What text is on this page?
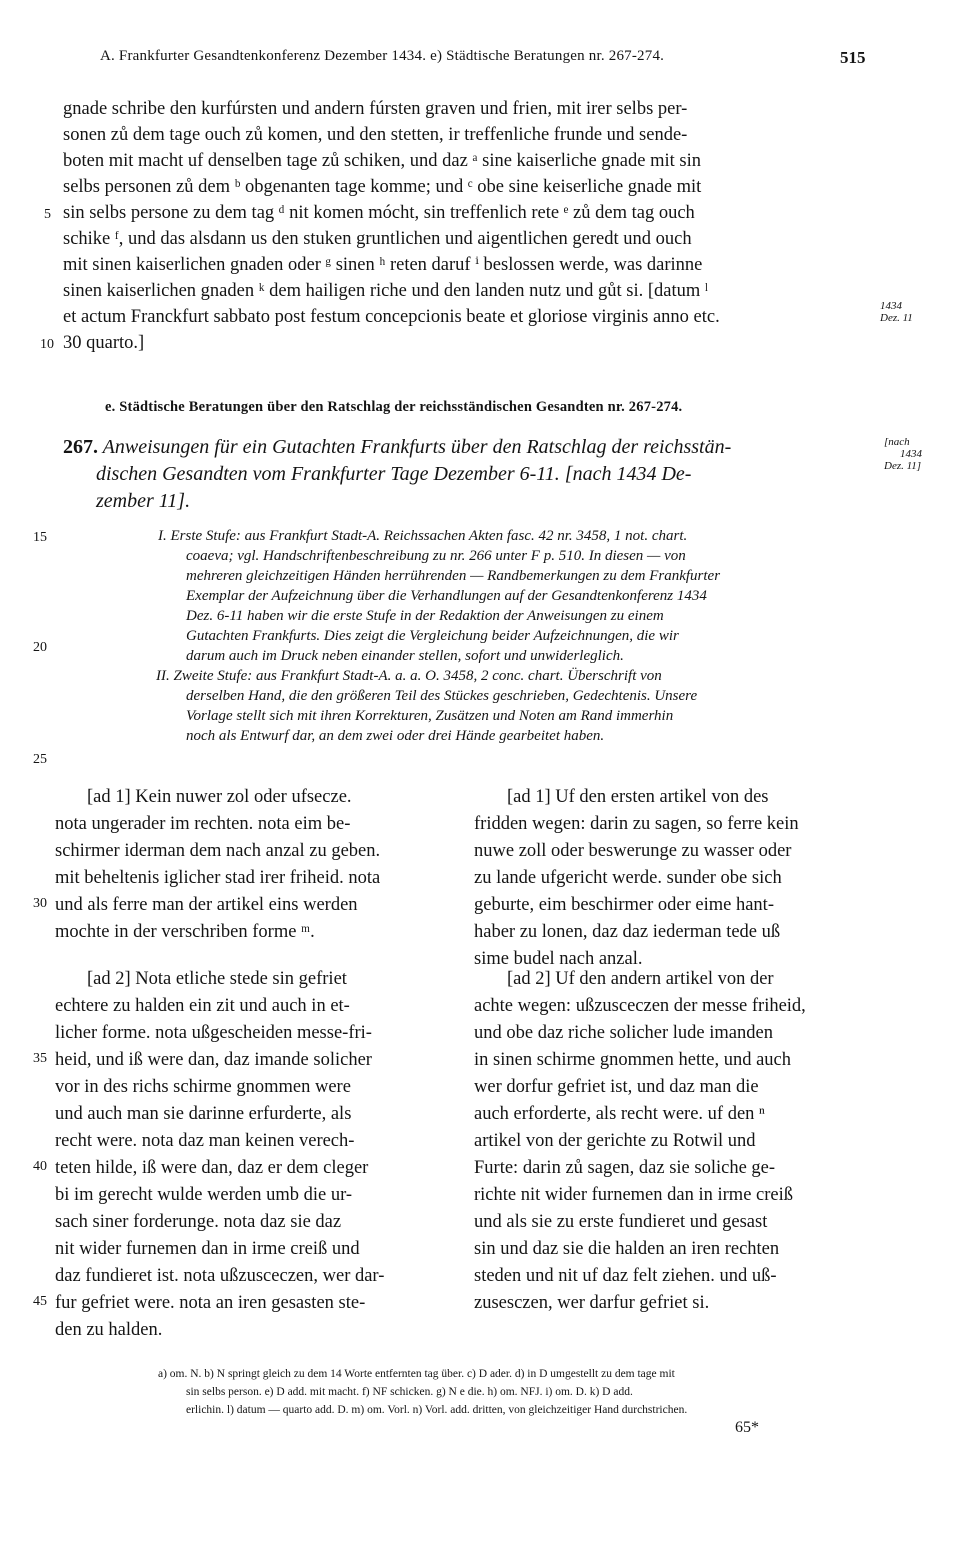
A. Frankfurter Gesandtenkonferenz Dezember 1434. e) Städtische Beratungen nr. 267-274.	515
gnade schribe den kurfúrsten und andern fúrsten graven und frien, mit irer selbs per-
sonen zů dem tage ouch zů komen, und den stetten, ir treffenliche frunde und sende-
boten mit macht uf denselben tage zů schiken, und daz ᵃ sine kaiserliche gnade mit sin
selbs personen zů dem ᵇ obgenanten tage komme; und ᶜ obe sine keiserliche gnade mit
sin selbs persone zu dem tag ᵈ nit komen mócht, sin treffenlich rete ᵉ zů dem tag ouch
schike ᶠ, und das alsdann us den stuken gruntlichen und aigentlichen geredt und ouch
mit sinen kaiserlichen gnaden oder ᵍ sinen ʰ reten daruf ⁱ beslossen werde, was darinne
sinen kaiserlichen gnaden ᵏ dem hailigen riche und den landen nutz und gůt si. [datum ˡ
et actum Franckfurt sabbato post festum concepcionis beate et gloriose virginis anno etc.
30 quarto.]
5
10
1434
Dez. 11
e. Städtische Beratungen über den Ratschlag der reichsständischen Gesandten nr. 267-274.
267. Anweisungen für ein Gutachten Frankfurts über den Ratschlag der reichsstän-
dischen Gesandten vom Frankfurter Tage Dezember 6-11. [nach 1434 De-
zember 11].
[nach
1434
Dez. 11]
I. Erste Stufe: aus Frankfurt Stadt-A. Reichssachen Akten fasc. 42 nr. 3458, 1 not. chart.
coaeva; vgl. Handschriftenbeschreibung zu nr. 266 unter F p. 510. In diesen — von
mehreren gleichzeitigen Händen herrührenden — Randbemerkungen zu dem Frankfurter
Exemplar der Aufzeichnung über die Verhandlungen auf der Gesandtenkonferenz 1434
Dez. 6-11 haben wir die erste Stufe in der Redaktion der Anweisungen zu einem
Gutachten Frankfurts. Dies zeigt die Vergleichung beider Aufzeichnungen, die wir
darum auch im Druck neben einander stellen, sofort und unwiderleglich.
II. Zweite Stufe: aus Frankfurt Stadt-A. a. a. O. 3458, 2 conc. chart. Überschrift von
derselben Hand, die den größeren Teil des Stückes geschrieben, Gedechtenis. Unsere
Vorlage stellt sich mit ihren Korrekturen, Zusätzen und Noten am Rand immerhin
noch als Entwurf dar, an dem zwei oder drei Hände gearbeitet haben.
15
20
25
[ad 1] Kein nuwer zol oder ufsecze.
nota ungerader im rechten. nota eim be-
schirmer iderman dem nach anzal zu geben.
mit beheltenis iglicher stad irer friheid. nota
und als ferre man der artikel eins werden
mochte in der verschriben forme ᵐ.
[ad 2] Nota etliche stede sin gefriet
echtere zu halden ein zit und auch in et-
licher forme. nota ußgescheiden messe-fri-
heid, und iß were dan, daz imande solicher
vor in des richs schirme gnommen were
und auch man sie darinne erfurderte, als
recht were. nota daz man keinen verech-
teten hilde, iß were dan, daz er dem cleger
bi im gerecht wulde werden umb die ur-
sach siner forderunge. nota daz sie daz
nit wider furnemen dan in irme creiß und
daz fundieret ist. nota ußzusceczen, wer dar-
fur gefriet were. nota an iren gesasten ste-
den zu halden.
30
35
40
45
[ad 1] Uf den ersten artikel von des
fridden wegen: darin zu sagen, so ferre kein
nuwe zoll oder beswerunge zu wasser oder
zu lande ufgericht werde. sunder obe sich
geburte, eim beschirmer oder eime hant-
haber zu lonen, daz daz iederman tede uß
sime budel nach anzal.
[ad 2] Uf den andern artikel von der
achte wegen: ußzusceczen der messe friheid,
und obe daz riche solicher lude imanden
in sinen schirme gnommen hette, und auch
wer dorfur gefriet ist, und daz man die
auch erforderte, als recht were. uf den ⁿ
artikel von der gerichte zu Rotwil und
Furte: darin zů sagen, daz sie soliche ge-
richte nit wider furnemen dan in irme creiß
und als sie zu erste fundieret und gesast
sin und daz sie die halden an iren rechten
steden und nit uf daz felt ziehen. und uß-
zusesczen, wer darfur gefriet si.
a) om. N. b) N springt gleich zu dem 14 Worte entfernten tag über. c) D ader. d) in D umgestellt zu dem tage mit
sin selbs person. e) D add. mit macht. f) NF schicken. g) N e die. h) om. NFJ. i) om. D. k) D add.
erlichin. l) datum — quarto add. D. m) om. Vorl. n) Vorl. add. dritten, von gleichzeitiger Hand durchstrichen.
65*
